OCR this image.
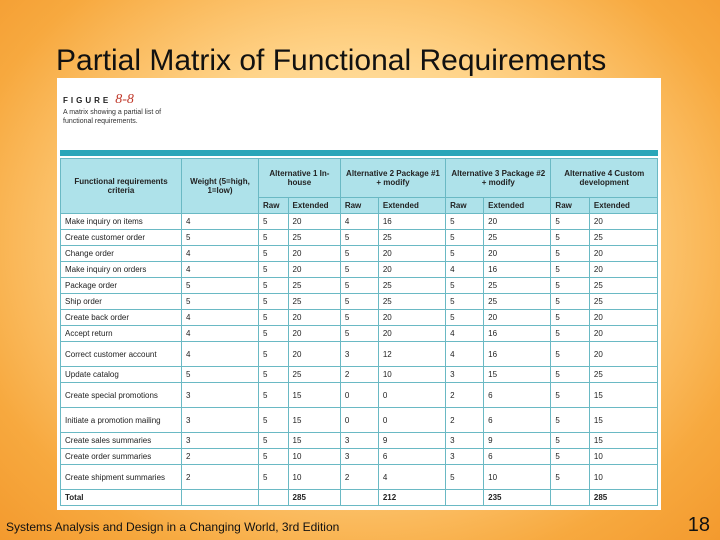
Partial Matrix of Functional Requirements
FIGURE 8-8
A matrix showing a partial list of functional requirements.
Functional requirements criteria	Weight (5=high, 1=low)	Alternative 1 In-house		Alternative 2 Package #1 + modify		Alternative 3 Package #2 + modify		Alternative 4 Custom development	
		Raw	Extended	Raw	Extended	Raw	Extended	Raw	Extended
Make inquiry on items	4	5	20	4	16	5	20	5	20
Create customer order	5	5	25	5	25	5	25	5	25
Change order	4	5	20	5	20	5	20	5	20
Make inquiry on orders	4	5	20	5	20	4	16	5	20
Package order	5	5	25	5	25	5	25	5	25
Ship order	5	5	25	5	25	5	25	5	25
Create back order	4	5	20	5	20	5	20	5	20
Accept return	4	5	20	5	20	4	16	5	20
Correct customer account	4	5	20	3	12	4	16	5	20
Update catalog	5	5	25	2	10	3	15	5	25
Create special promotions	3	5	15	0	0	2	6	5	15
Initiate a promotion mailing	3	5	15	0	0	2	6	5	15
Create sales summaries	3	5	15	3	9	3	9	5	15
Create order summaries	2	5	10	3	6	3	6	5	10
Create shipment summaries	2	5	10	2	4	5	10	5	10
Total			285		212		235		285
Systems Analysis and Design in a Changing World, 3rd Edition	18
